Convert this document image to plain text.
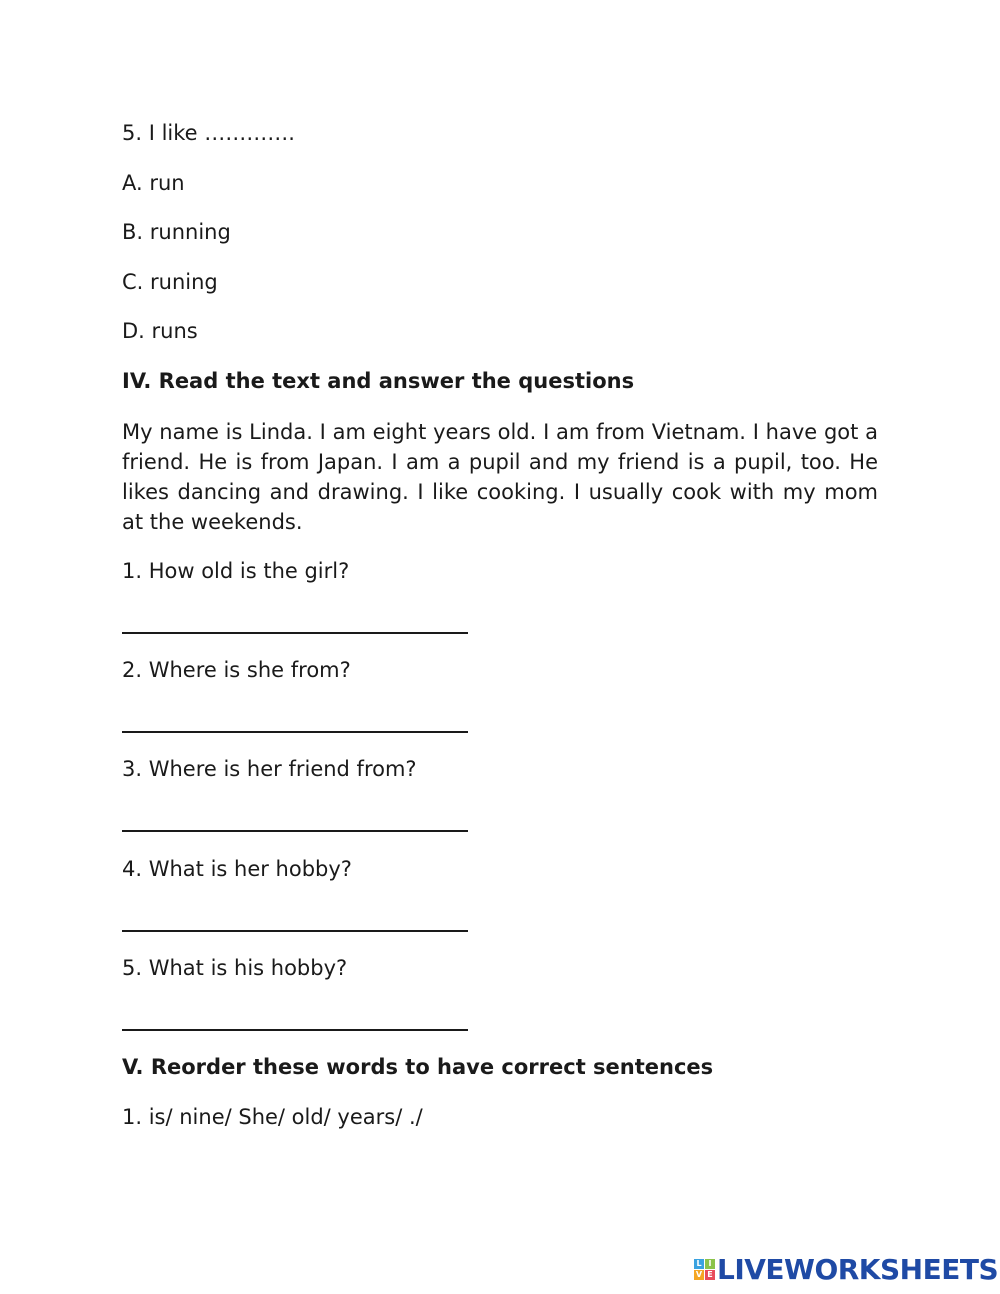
5. I like ………….
A. run
B. running
C. runing
D. runs
IV. Read the text and answer the questions
My name is Linda. I am eight years old. I am from Vietnam. I have got a friend. He is from Japan. I am a pupil and my friend is a pupil, too. He likes dancing and drawing. I like cooking. I usually cook with my mom at the weekends.
1. How old is the girl?
2. Where is she from?
3. Where is her friend from?
4. What is her hobby?
5. What is his hobby?
V. Reorder these words to have correct sentences
1. is/ nine/ She/ old/ years/ ./
L I
V E LIVEWORKSHEETS
